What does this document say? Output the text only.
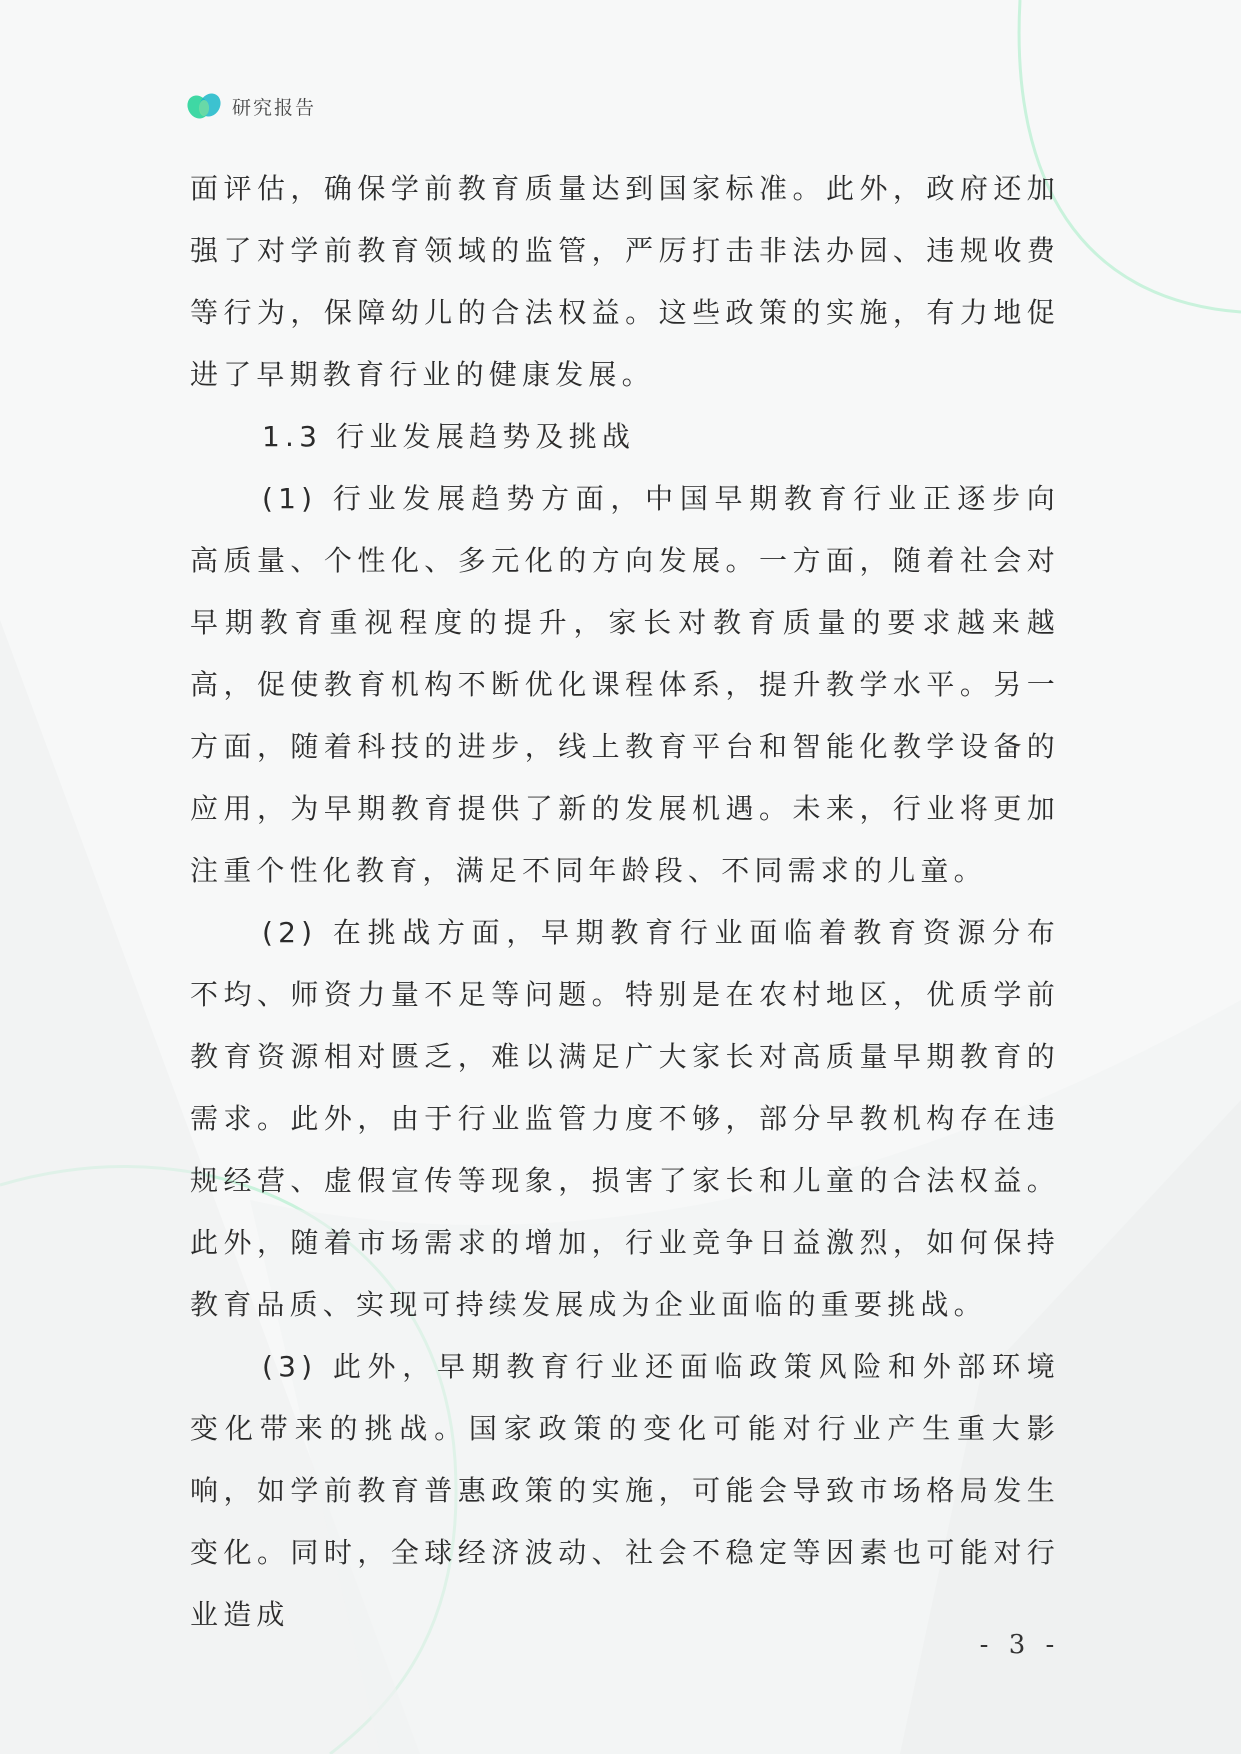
研究报告

面评估，确保学前教育质量达到国家标准。此外，政府还加强了对学前教育领域的监管，严厉打击非法办园、违规收费等行为，保障幼儿的合法权益。这些政策的实施，有力地促进了早期教育行业的健康发展。

1.3 行业发展趋势及挑战

(1) 行业发展趋势方面，中国早期教育行业正逐步向高质量、个性化、多元化的方向发展。一方面，随着社会对早期教育重视程度的提升，家长对教育质量的要求越来越高，促使教育机构不断优化课程体系，提升教学水平。另一方面，随着科技的进步，线上教育平台和智能化教学设备的应用，为早期教育提供了新的发展机遇。未来，行业将更加注重个性化教育，满足不同年龄段、不同需求的儿童。

(2) 在挑战方面，早期教育行业面临着教育资源分布不均、师资力量不足等问题。特别是在农村地区，优质学前教育资源相对匮乏，难以满足广大家长对高质量早期教育的需求。此外，由于行业监管力度不够，部分早教机构存在违规经营、虚假宣传等现象，损害了家长和儿童的合法权益。此外，随着市场需求的增加，行业竞争日益激烈，如何保持教育品质、实现可持续发展成为企业面临的重要挑战。

(3) 此外，早期教育行业还面临政策风险和外部环境变化带来的挑战。国家政策的变化可能对行业产生重大影响，如学前教育普惠政策的实施，可能会导致市场格局发生变化。同时，全球经济波动、社会不稳定等因素也可能对行业造成

- 3 -
